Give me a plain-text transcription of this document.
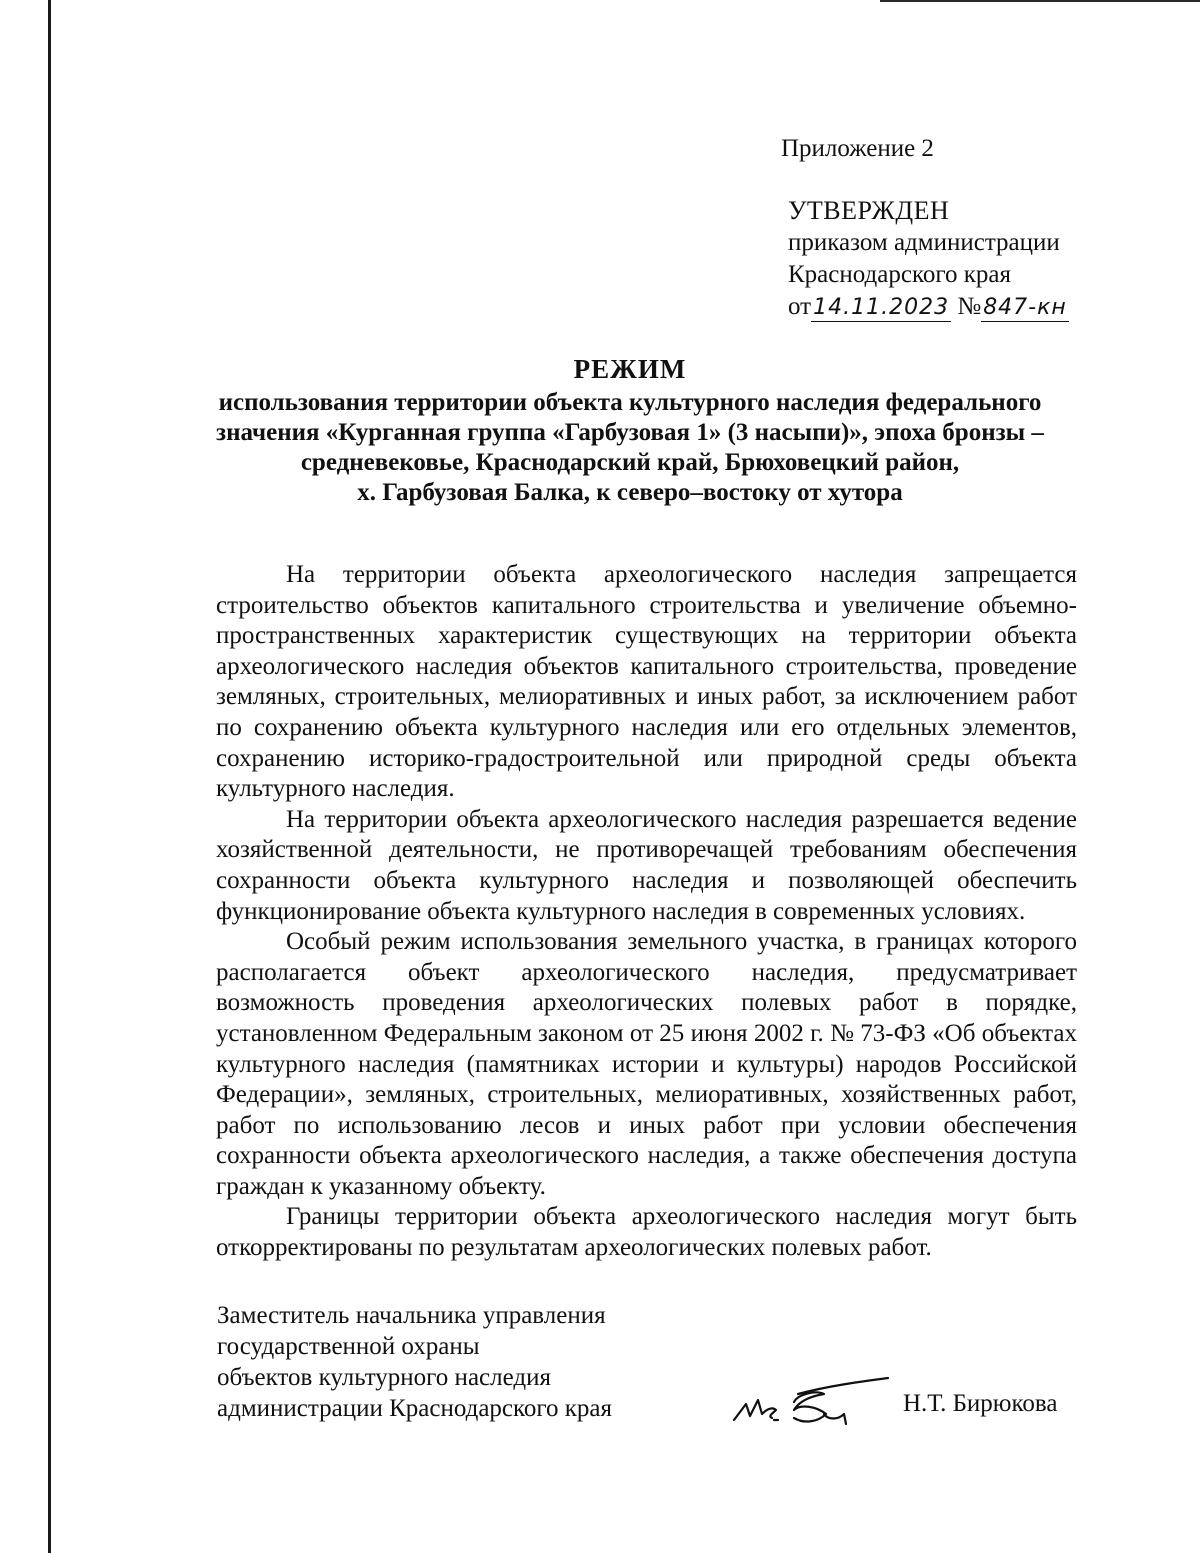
Приложение 2
УТВЕРЖДЕН
приказом администрации
Краснодарского края
от14.11.2023 №847-кн
РЕЖИМ
использования территории объекта культурного наследия федерального
значения «Курганная группа «Гарбузовая 1» (3 насыпи)», эпоха бронзы –
средневековье, Краснодарский край, Брюховецкий район,
х. Гарбузовая Балка, к северо–востоку от хутора

На территории объекта археологического наследия запрещается строительство объектов капитального строительства и увеличение объемно-пространственных характеристик существующих на территории объекта археологического наследия объектов капитального строительства, проведение земляных, строительных, мелиоративных и иных работ, за исключением работ по сохранению объекта культурного наследия или его отдельных элементов, сохранению историко-градостроительной или природной среды объекта культурного наследия.

На территории объекта археологического наследия разрешается ведение хозяйственной деятельности, не противоречащей требованиям обеспечения сохранности объекта культурного наследия и позволяющей обеспечить функционирование объекта культурного наследия в современных условиях.

Особый режим использования земельного участка, в границах которого располагается объект археологического наследия, предусматривает возможность проведения археологических полевых работ в порядке, установленном Федеральным законом от 25 июня 2002 г. № 73-ФЗ «Об объектах культурного наследия (памятниках истории и культуры) народов Российской Федерации», земляных, строительных, мелиоративных, хозяйственных работ, работ по использованию лесов и иных работ при условии обеспечения сохранности объекта археологического наследия, а также обеспечения доступа граждан к указанному объекту.

Границы территории объекта археологического наследия могут быть откорректированы по результатам археологических полевых работ.

Заместитель начальника управления
государственной охраны
объектов культурного наследия
администрации Краснодарского края	Н.Т. Бирюкова
